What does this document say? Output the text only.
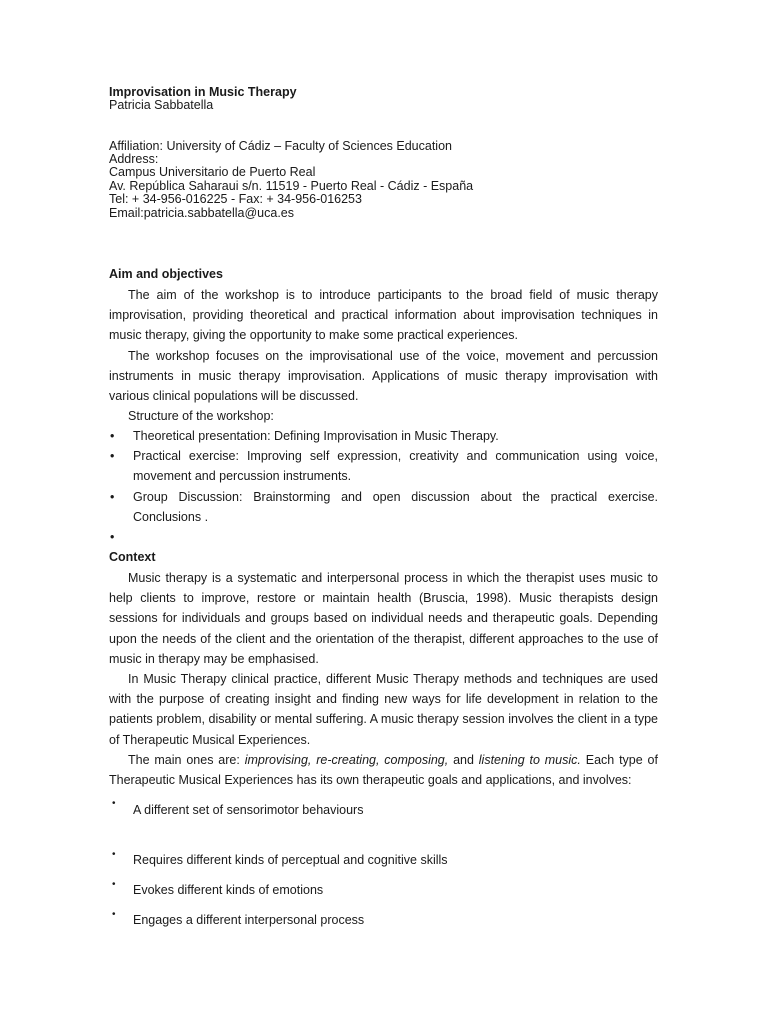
Improvisation in Music Therapy
Patricia Sabbatella
Affiliation: University of Cádiz – Faculty of Sciences Education
Address:
Campus Universitario de Puerto Real
Av. República Saharaui s/n. 11519 - Puerto Real - Cádiz - España
Tel: + 34-956-016225 - Fax: + 34-956-016253
Email:patricia.sabbatella@uca.es
Aim and objectives
The aim of the workshop is to introduce participants to the broad field of music therapy improvisation, providing theoretical and practical information about improvisation techniques in music therapy, giving the opportunity to make some practical experiences.
The workshop focuses on the improvisational use of the voice, movement and percussion instruments in music therapy improvisation. Applications of music therapy improvisation with various clinical populations will be discussed.
Structure of the workshop:
• Theoretical presentation: Defining Improvisation in Music Therapy.
• Practical exercise: Improving self expression, creativity and communication using voice, movement and percussion instruments.
• Group Discussion: Brainstorming and open discussion about the practical exercise. Conclusions .
•
Context
Music therapy is a systematic and interpersonal process in which the therapist uses music to help clients to improve, restore or maintain health (Bruscia, 1998). Music therapists design sessions for individuals and groups based on individual needs and therapeutic goals. Depending upon the needs of the client and the orientation of the therapist, different approaches to the use of music in therapy may be emphasised.
In Music Therapy clinical practice, different Music Therapy methods and techniques are used with the purpose of creating insight and finding new ways for life development in relation to the patients problem, disability or mental suffering. A music therapy session involves the client in a type of Therapeutic Musical Experiences.
The main ones are: improvising, re-creating, composing, and listening to music. Each type of Therapeutic Musical Experiences has its own therapeutic goals and applications, and involves:
• A different set of sensorimotor behaviours
• Requires different kinds of perceptual and cognitive skills
• Evokes different kinds of emotions
• Engages a different interpersonal process
